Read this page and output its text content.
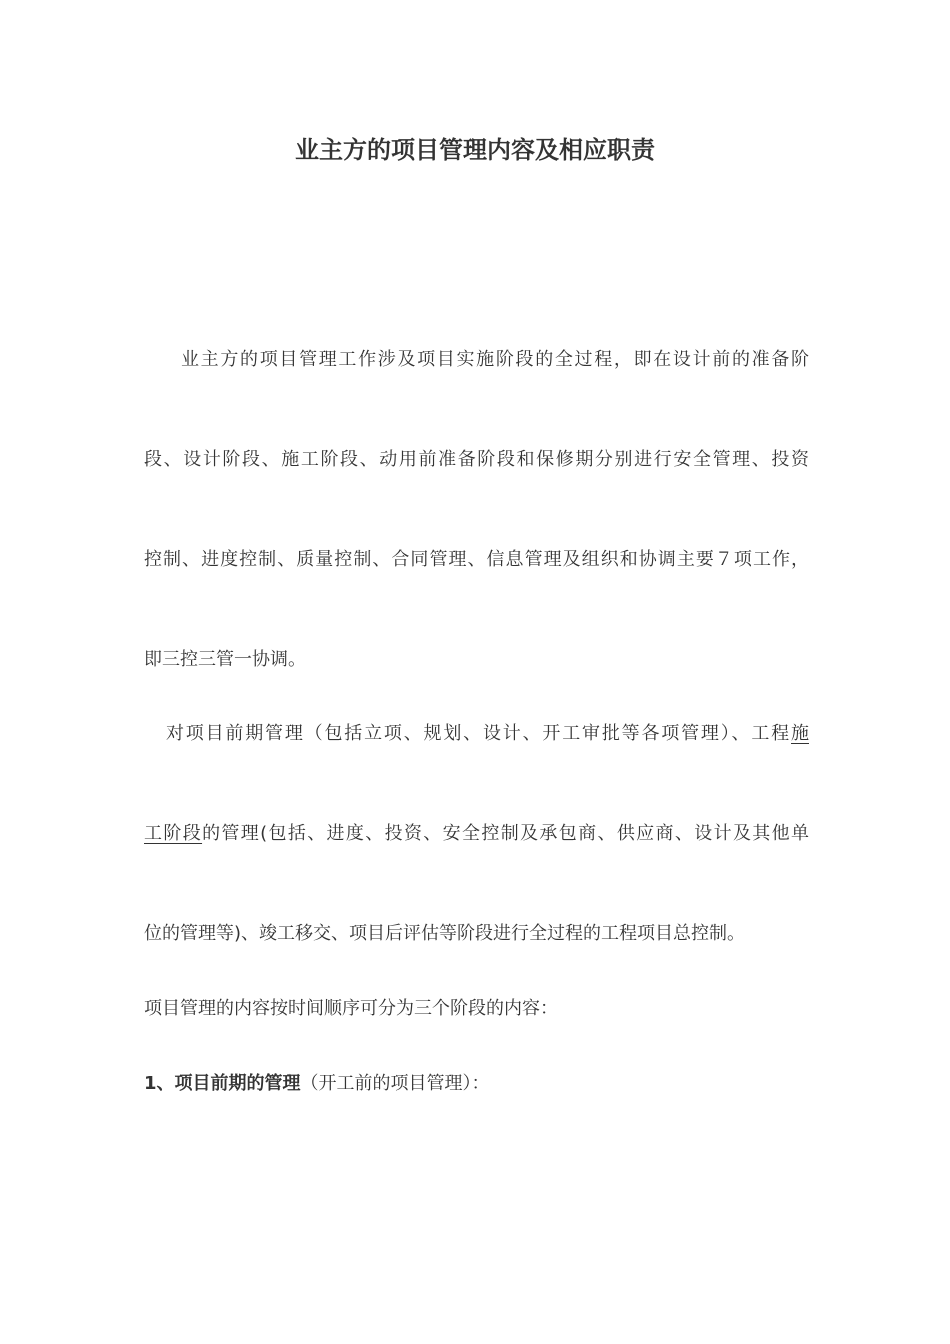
业主方的项目管理内容及相应职责
业主方的项目管理工作涉及项目实施阶段的全过程，即在设计前的准备阶
段、设计阶段、施工阶段、动用前准备阶段和保修期分别进行安全管理、投资
控制、进度控制、质量控制、合同管理、信息管理及组织和协调主要７项工作，
即三控三管一协调。
对项目前期管理（包括立项、规划、设计、开工审批等各项管理）、工程施
工阶段的管理(包括、进度、投资、安全控制及承包商、供应商、设计及其他单
位的管理等)、竣工移交、项目后评估等阶段进行全过程的工程项目总控制。
项目管理的内容按时间顺序可分为三个阶段的内容：
1、项目前期的管理（开工前的项目管理）：
